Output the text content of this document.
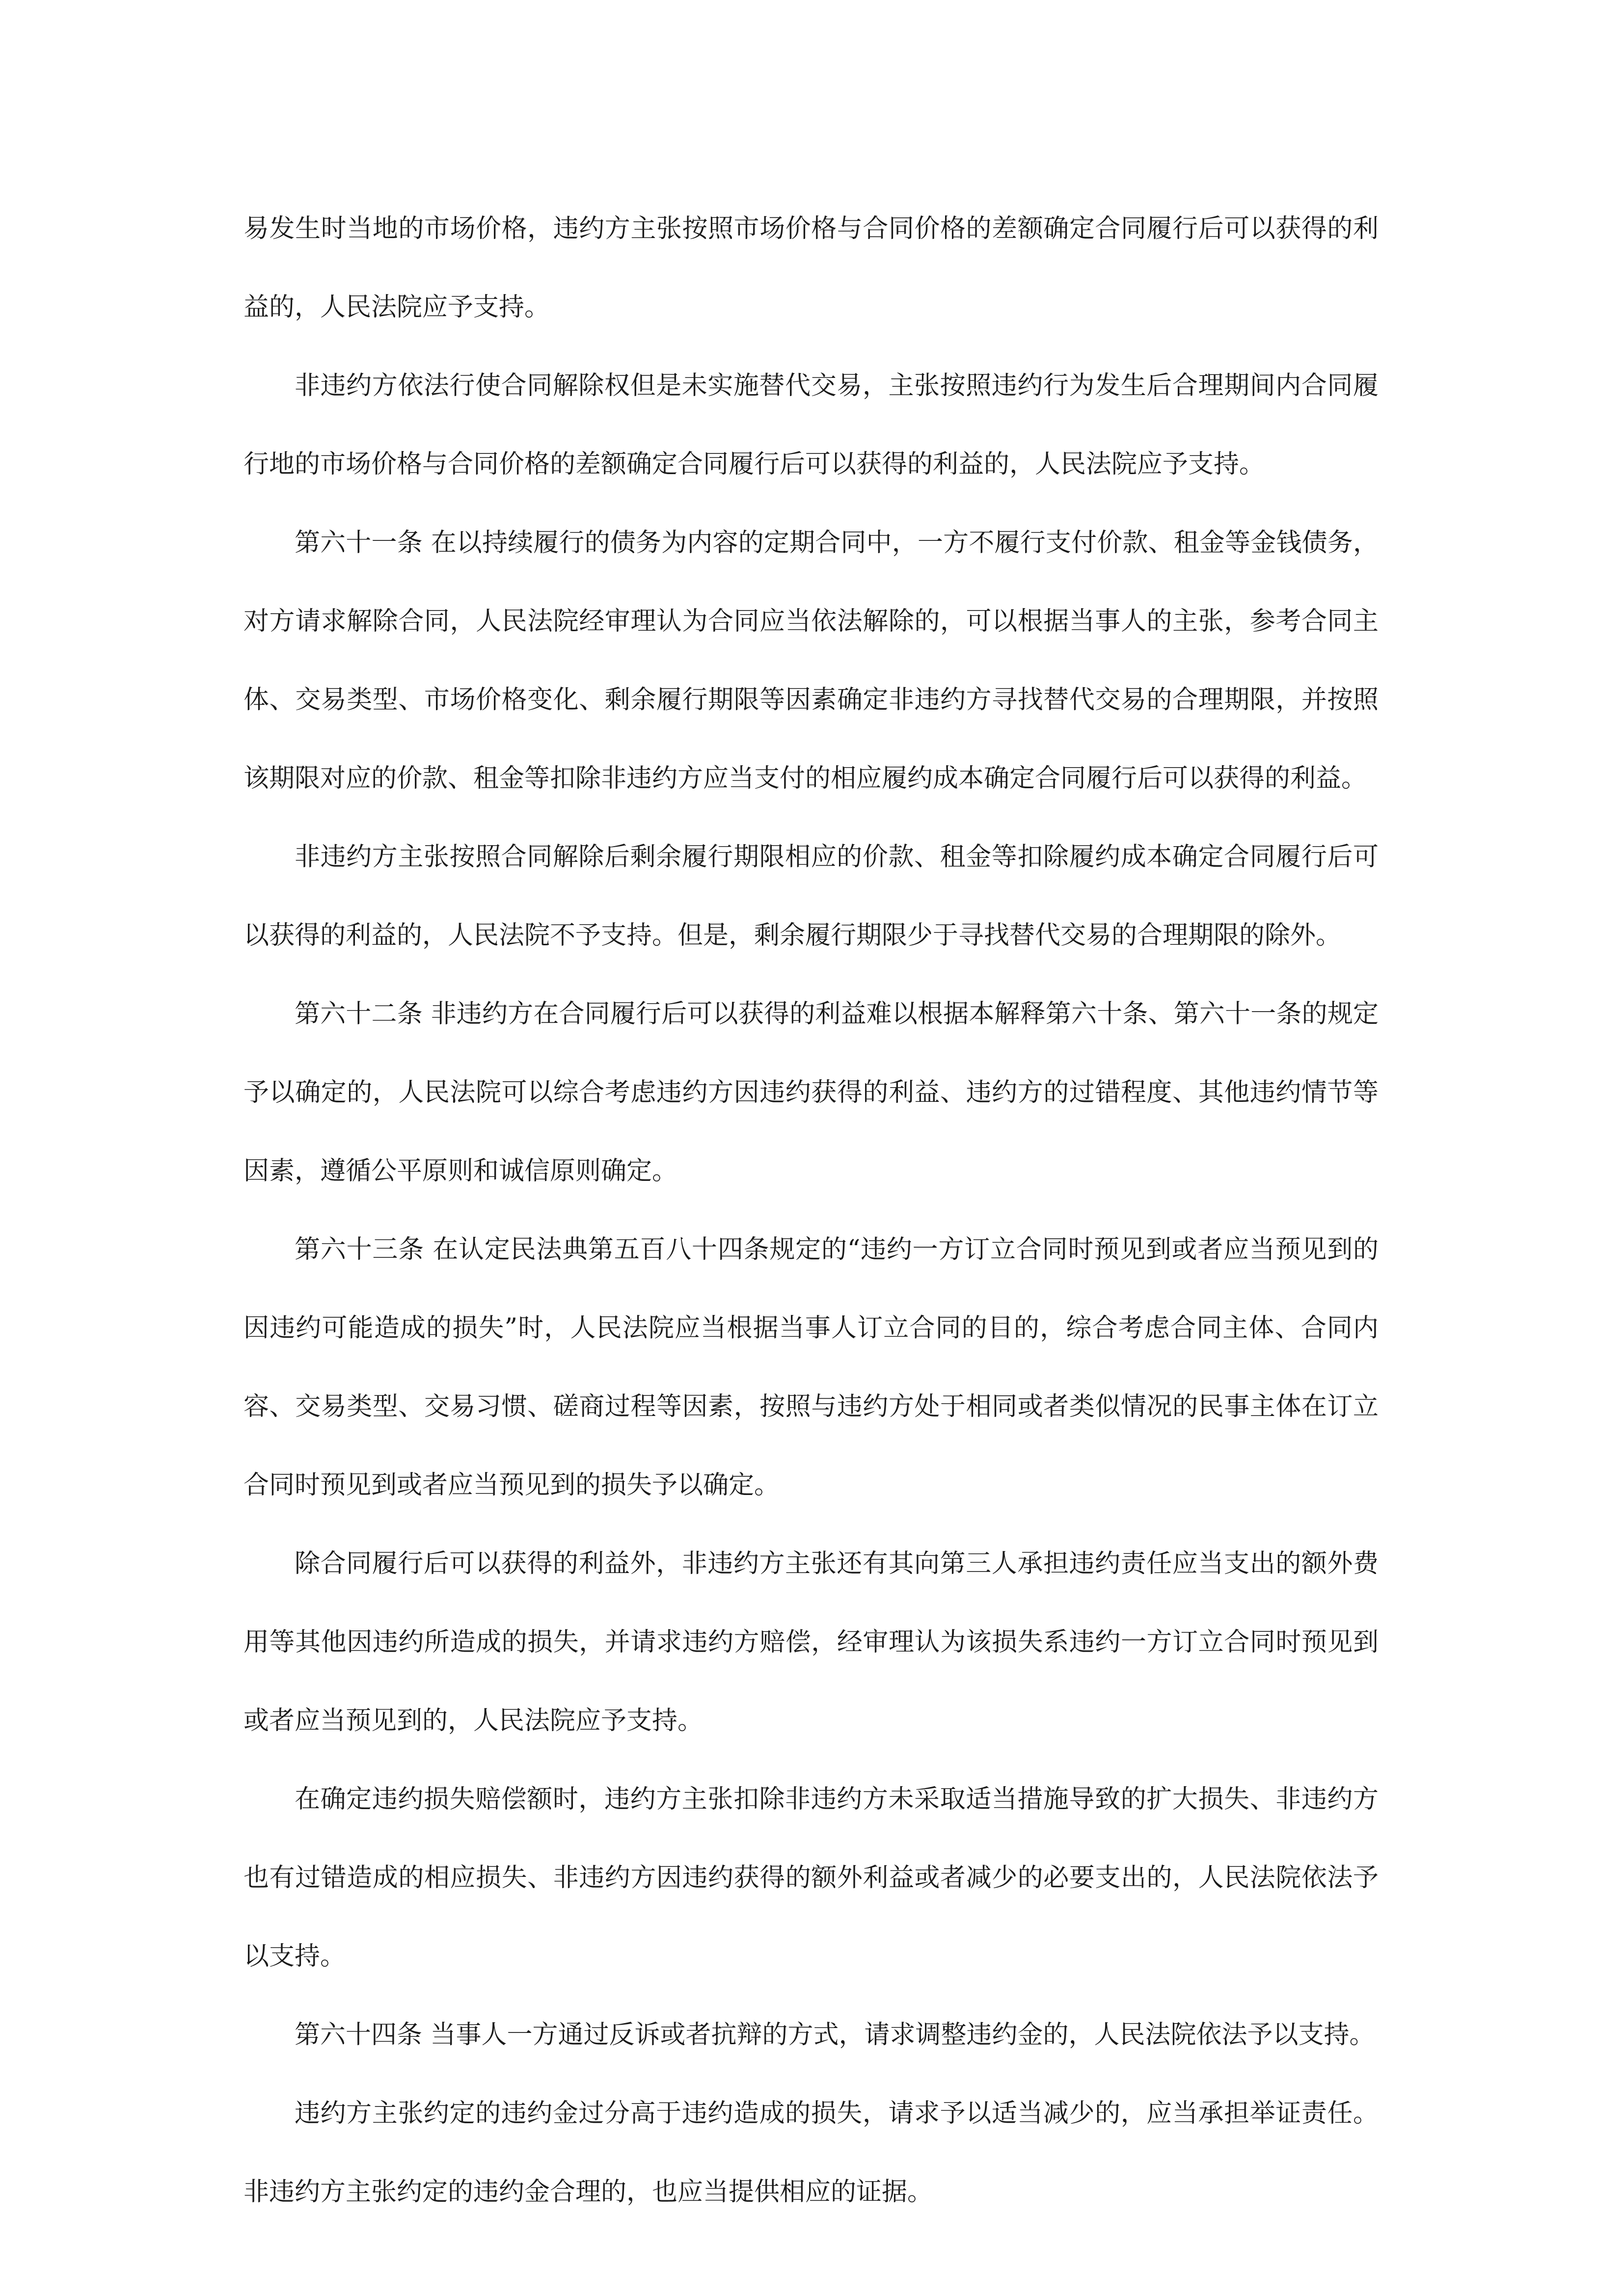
易发生时当地的市场价格，违约方主张按照市场价格与合同价格的差额确定合同履行后可以获得的利益的，人民法院应予支持。

非违约方依法行使合同解除权但是未实施替代交易，主张按照违约行为发生后合理期间内合同履行地的市场价格与合同价格的差额确定合同履行后可以获得的利益的，人民法院应予支持。

第六十一条 在以持续履行的债务为内容的定期合同中，一方不履行支付价款、租金等金钱债务，对方请求解除合同，人民法院经审理认为合同应当依法解除的，可以根据当事人的主张，参考合同主体、交易类型、市场价格变化、剩余履行期限等因素确定非违约方寻找替代交易的合理期限，并按照该期限对应的价款、租金等扣除非违约方应当支付的相应履约成本确定合同履行后可以获得的利益。

非违约方主张按照合同解除后剩余履行期限相应的价款、租金等扣除履约成本确定合同履行后可以获得的利益的，人民法院不予支持。但是，剩余履行期限少于寻找替代交易的合理期限的除外。

第六十二条 非违约方在合同履行后可以获得的利益难以根据本解释第六十条、第六十一条的规定予以确定的，人民法院可以综合考虑违约方因违约获得的利益、违约方的过错程度、其他违约情节等因素，遵循公平原则和诚信原则确定。

第六十三条 在认定民法典第五百八十四条规定的“违约一方订立合同时预见到或者应当预见到的因违约可能造成的损失”时，人民法院应当根据当事人订立合同的目的，综合考虑合同主体、合同内容、交易类型、交易习惯、磋商过程等因素，按照与违约方处于相同或者类似情况的民事主体在订立合同时预见到或者应当预见到的损失予以确定。

除合同履行后可以获得的利益外，非违约方主张还有其向第三人承担违约责任应当支出的额外费用等其他因违约所造成的损失，并请求违约方赔偿，经审理认为该损失系违约一方订立合同时预见到或者应当预见到的，人民法院应予支持。

在确定违约损失赔偿额时，违约方主张扣除非违约方未采取适当措施导致的扩大损失、非违约方也有过错造成的相应损失、非违约方因违约获得的额外利益或者减少的必要支出的，人民法院依法予以支持。

第六十四条 当事人一方通过反诉或者抗辩的方式，请求调整违约金的，人民法院依法予以支持。

违约方主张约定的违约金过分高于违约造成的损失，请求予以适当减少的，应当承担举证责任。非违约方主张约定的违约金合理的，也应当提供相应的证据。
